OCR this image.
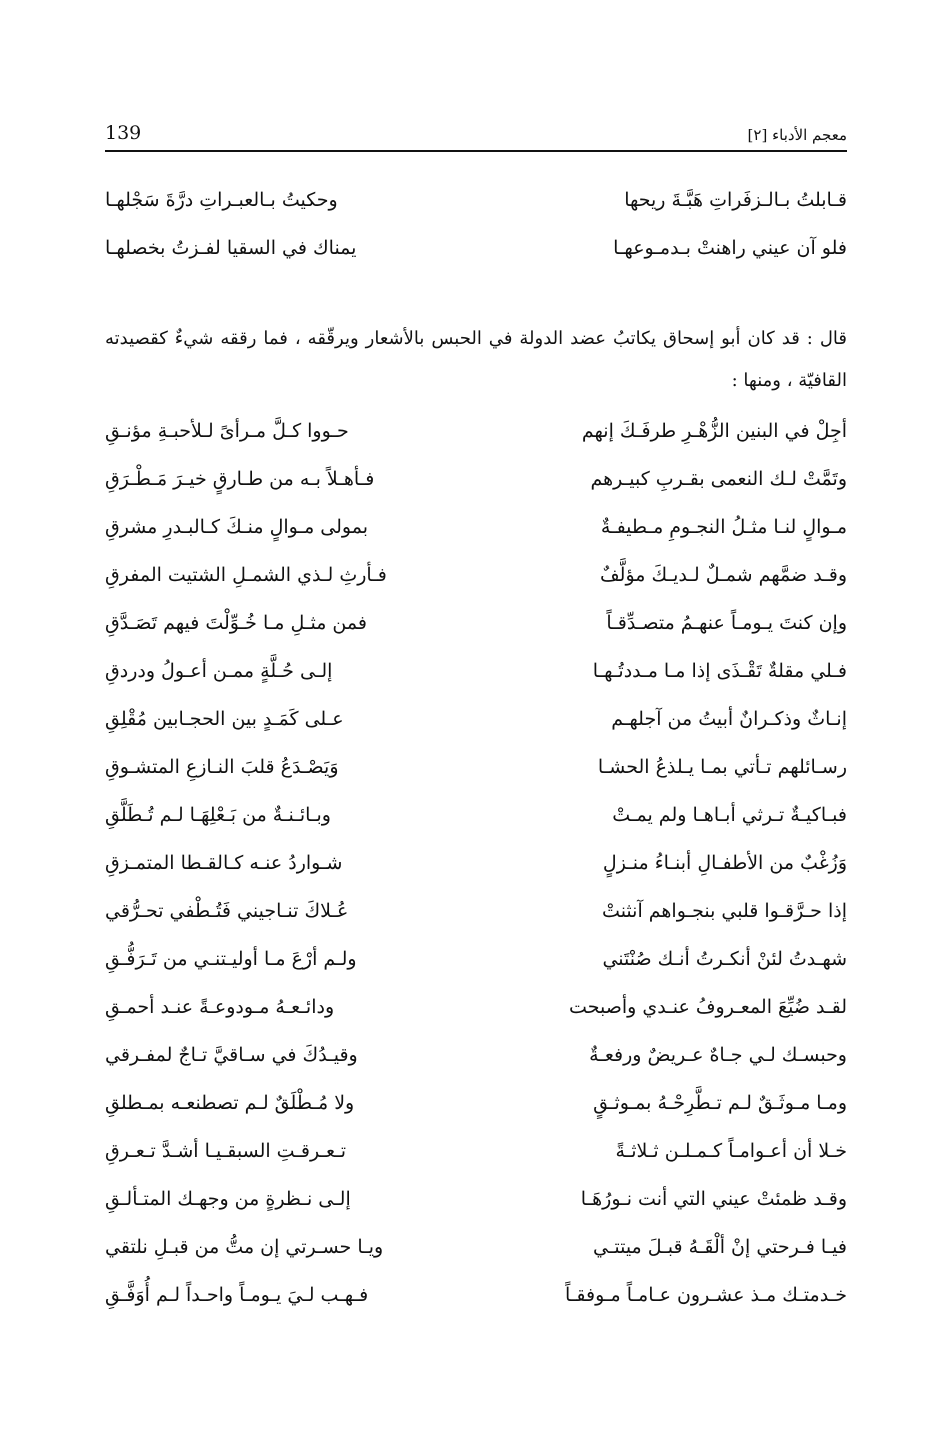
معجم الأدباء [٢]
139
قـابلتُ بـالـزفَراتِ هَبَّـةَ ريحها
وحكيتُ بـالعبـراتِ درَّةَ سَجْلهـا
فلو آن عيني راهنتْ بـدمـوعهـا
يمناك في السقيا لفـزتُ بخصلهـا

قال : قد كان أبو إسحاق يكاتبُ عضد الدولة في الحبس بالأشعار ويرقّقه ، فما رققه شيءٌ كقصيدته القافيّة ، ومنها :

أجِلْ في البنين الزُّهْـرِ طرفَـكَ إنهم
حـووا كـلَّ مـرأىً لـلأحبـةِ مؤنـقِ
وتَمَّتْ لـك النعمى بقـربِ كبيـرهم
فـأهـلاً بـه من طـارقٍ خيـرَ مَـطْـرَقِ
مـوالٍ لنـا مثـلُ النجـومِ مـطيفـةٌ
بمولى مـوالٍ منـكَ كـالبـدرِ مشرقِ
وقـد ضمَّهم شمـلٌ لـديـكَ مؤلَّفٌ
فـأرثِ لـذي الشمـلِ الشتيت المفرقِ
وإن كنتَ يـومـاً عنهـمُ متصـدِّقـاً
فمن مثـلِ مـا خُـوِّلْتَ فيهم تَصَـدَّقِ
فـلي مقلةٌ تَقْـذَى إذا مـا مـددتُـهـا
إلـى حُـلَّةٍ ممـن أعـولُ ودردقِ
إنـاثٌ وذكـرانٌ أبيتُ من آجلهـم
عـلى كَمَـدٍ بين الحجـابين مُقْلِقِ
رسـائلهم تـأتي بمـا يـلذعُ الحشـا
وَيَصْـدَعُ قلبَ النـازعِ المتشـوقِ
فبـاكيـةٌ تـرثي أبـاهـا ولم يمـتْ
وبـائـنـةٌ من بَـعْلِهَـا لـم تُـطَلَّقِ
وَزُغْبٌ من الأطفـالِ أبنـاءُ منـزلٍ
شـواردُ عنـه كـالقـطا المتمـزقِ
إذا حـرَّقـوا قلبي بنجـواهم آنثنتْ
عُـلاكَ تنـاجيني فَتُـطْفي تحـرُّقي
شهـدتُ لئنْ أنكـرتُ أنـك صُنْتَني
ولـم أرْعَ مـا أوليـتنـي من تَـرَفُّـقِ
لقـد ضُيِّعَ المعـروفُ عنـدي وأصبحت
ودائـعـهُ مـودوعـةً عنـد أحمـقِ
وحبسـك لـي جـاهٌ عـريضٌ ورفعـةٌ
وقيـدُكَ في سـاقيَّ تـاجٌ لمفـرقي
ومـا مـوثَـقٌ لـم تـطَّرِحْـهُ بمـوثـقٍ
ولا مُـطْلَقٌ لـم تصطنعـه بمـطلقِ
خـلا أن أعـوامـاً كـمـلـن ثـلاثـةً
تـعـرقـتِ السبقـيـا أشـدَّ تـعـرقِ
وقـد ظمئتْ عيني التي أنت نـورُهَـا
إلـى نـظرةٍ من وجهـك المتـألـقِ
فيـا فـرحتي إنْ ألْقَـهُ قبـلَ ميتتـي
ويـا حسـرتي إن متُّ من قبـلِ نلتقي
خـدمتـك مـذ عشـرون عـامـاً مـوفقـاً
فـهـب لـيَ يـومـاً واحـداً لـم أُوَفَّـقِ
